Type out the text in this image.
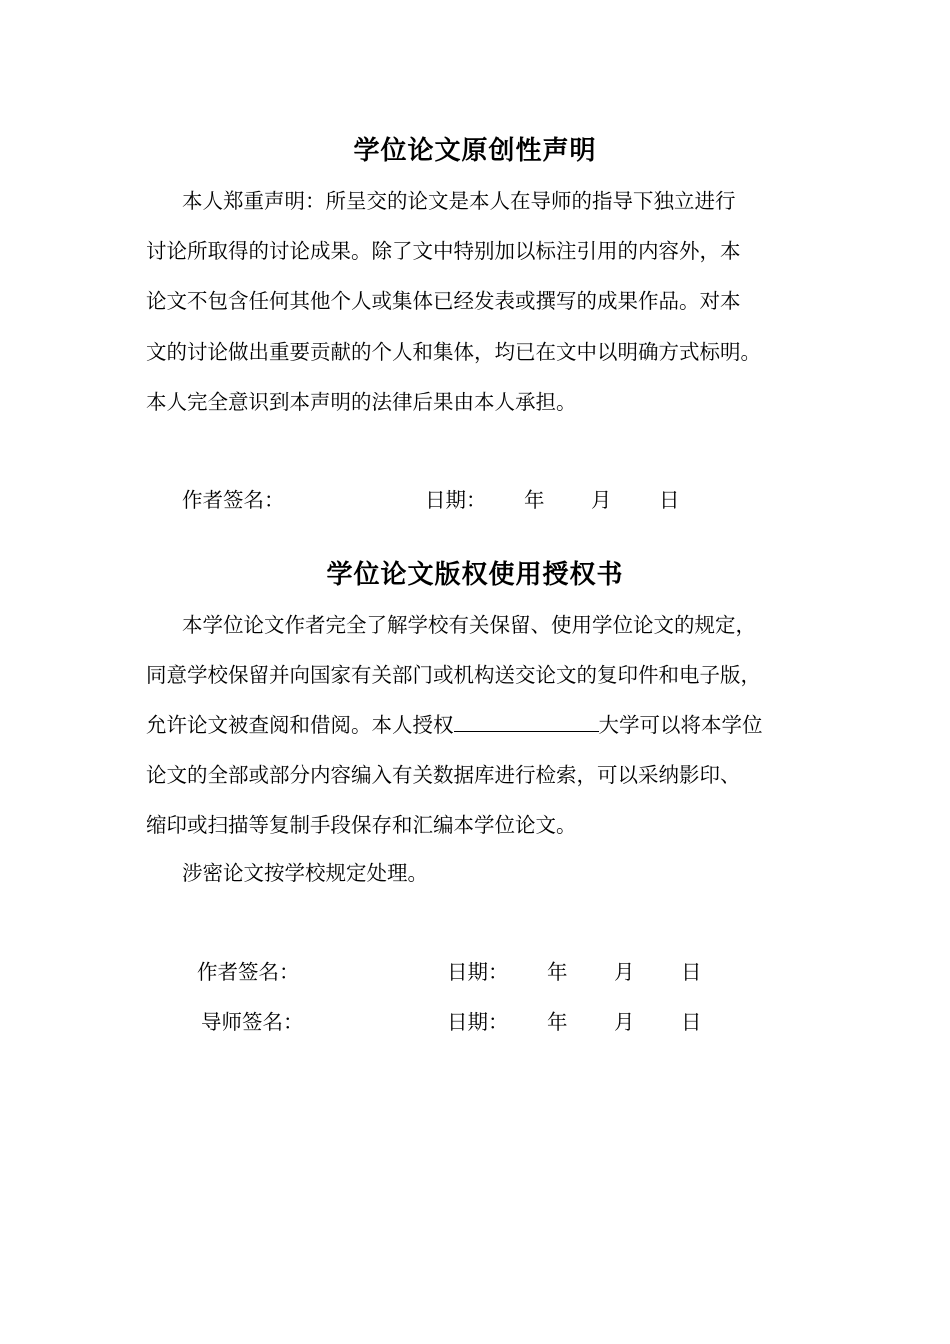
学位论文原创性声明
本人郑重声明：所呈交的论文是本人在导师的指导下独立进行
讨论所取得的讨论成果。除了文中特别加以标注引用的内容外，本
论文不包含任何其他个人或集体已经发表或撰写的成果作品。对本
文的讨论做出重要贡献的个人和集体，均已在文中以明确方式标明。
本人完全意识到本声明的法律后果由本人承担。
作者签名：	日期： 年 月 日
学位论文版权使用授权书
本学位论文作者完全了解学校有关保留、使用学位论文的规定，
同意学校保留并向国家有关部门或机构送交论文的复印件和电子版，
允许论文被查阅和借阅。本人授权	大学可以将本学位
论文的全部或部分内容编入有关数据库进行检索，可以采纳影印、
缩印或扫描等复制手段保存和汇编本学位论文。
涉密论文按学校规定处理。
作者签名：	日期： 年 月 日
导师签名：	日期： 年 月 日
